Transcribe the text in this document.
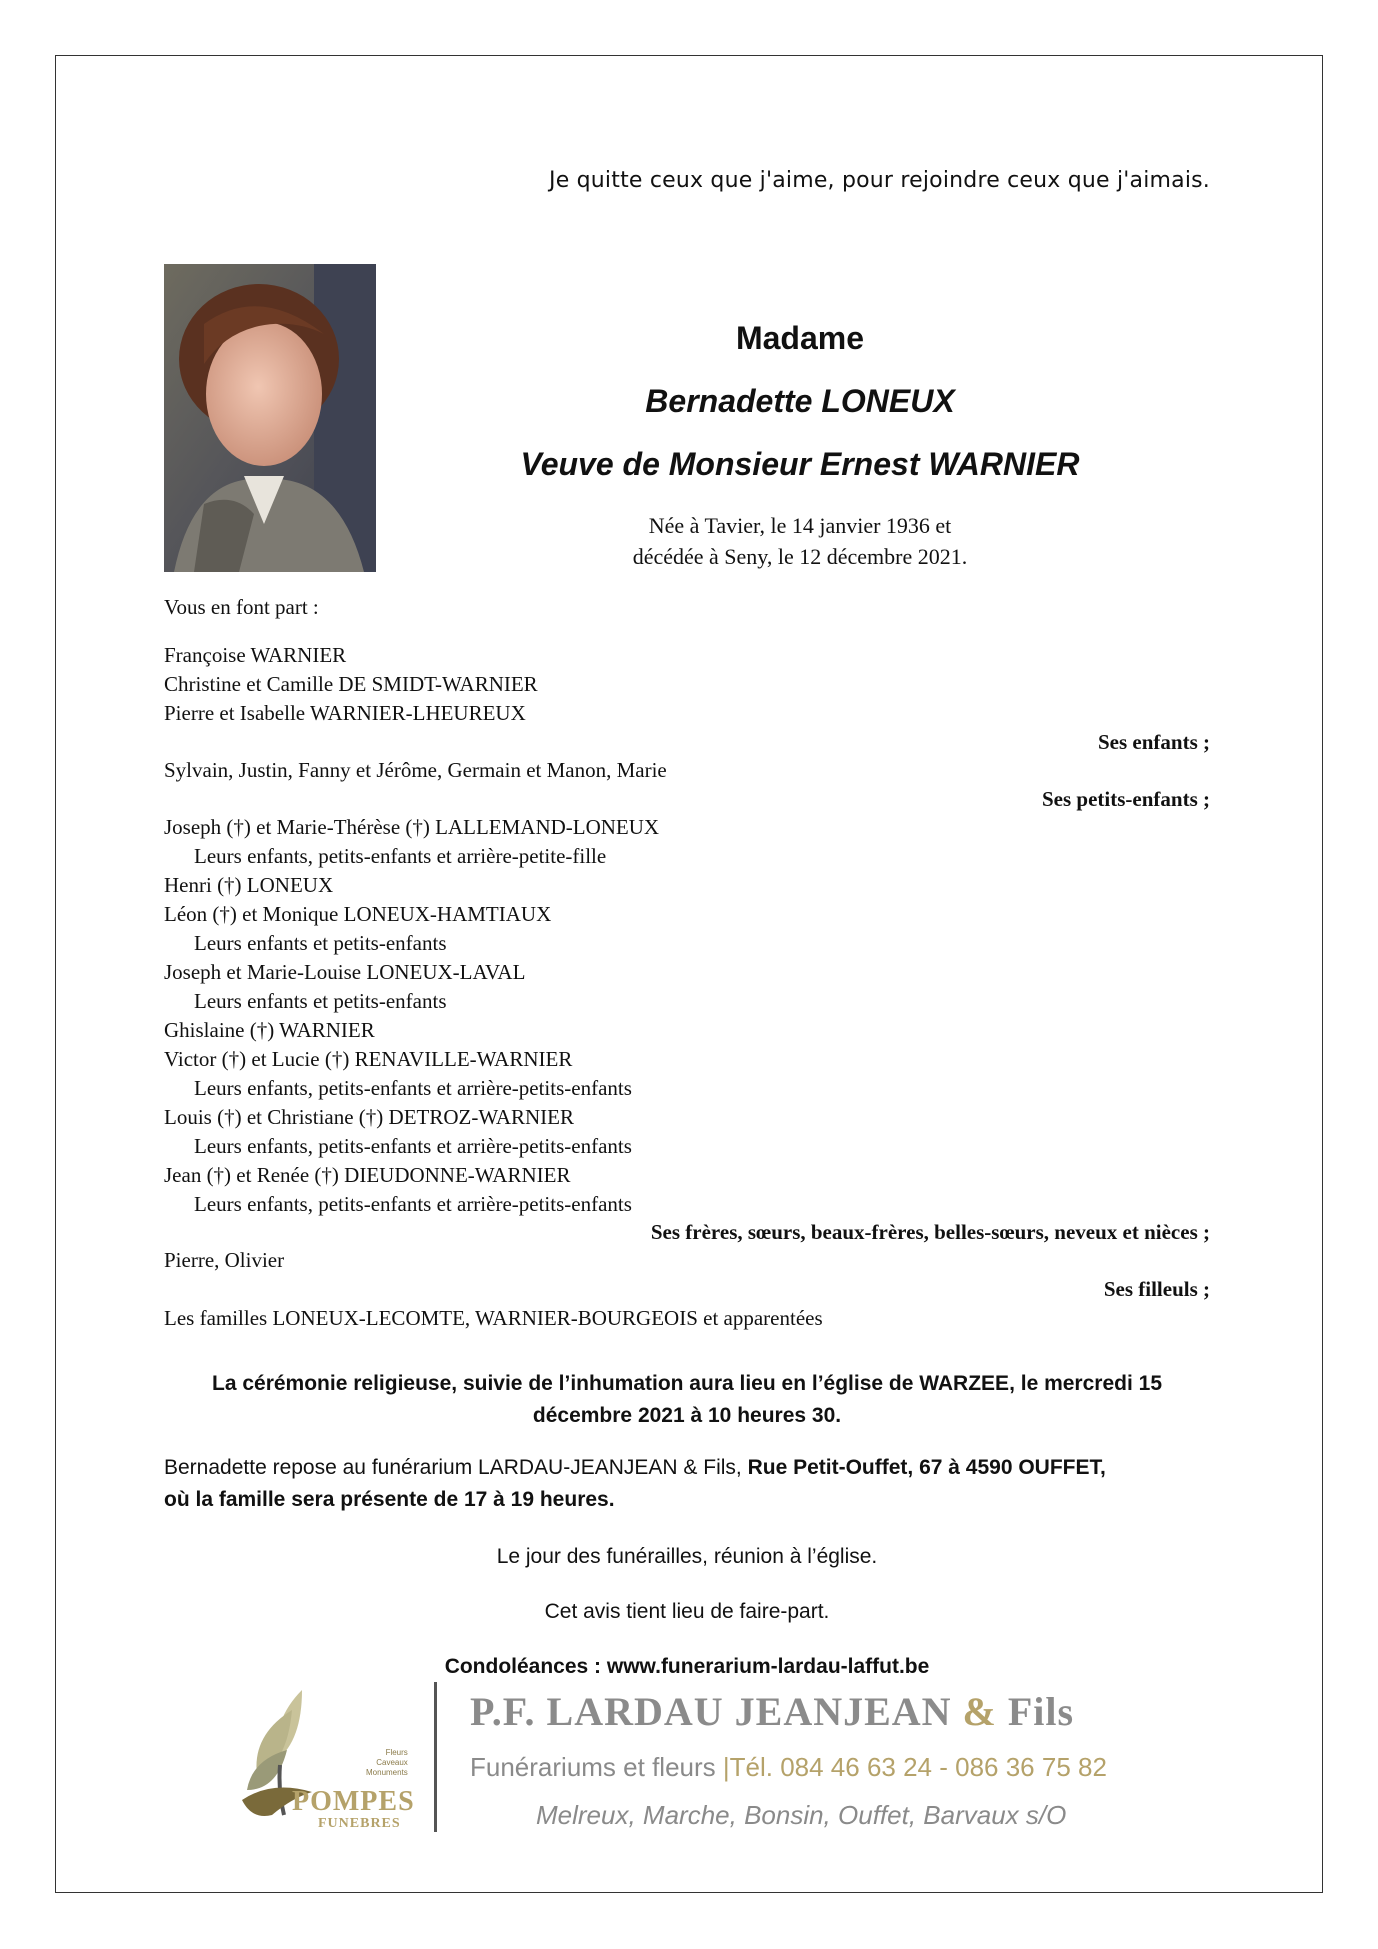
Je quitte ceux que j'aime, pour rejoindre ceux que j'aimais.
Madame
Bernadette LONEUX
Veuve de Monsieur Ernest WARNIER
Née à Tavier, le 14 janvier 1936 et
décédée à Seny, le 12 décembre 2021.
Vous en font part :
Françoise WARNIER
Christine et Camille DE SMIDT-WARNIER
Pierre et Isabelle WARNIER-LHEUREUX
Ses enfants ;
Sylvain, Justin, Fanny et Jérôme, Germain et Manon, Marie
Ses petits-enfants ;
Joseph (†) et Marie-Thérèse (†) LALLEMAND-LONEUX
Leurs enfants, petits-enfants et arrière-petite-fille
Henri (†) LONEUX
Léon (†) et Monique LONEUX-HAMTIAUX
Leurs enfants et petits-enfants
Joseph et Marie-Louise LONEUX-LAVAL
Leurs enfants et petits-enfants
Ghislaine (†) WARNIER
Victor (†) et Lucie (†) RENAVILLE-WARNIER
Leurs enfants, petits-enfants et arrière-petits-enfants
Louis (†) et Christiane (†) DETROZ-WARNIER
Leurs enfants, petits-enfants et arrière-petits-enfants
Jean (†) et Renée (†) DIEUDONNE-WARNIER
Leurs enfants, petits-enfants et arrière-petits-enfants
Ses frères, sœurs, beaux-frères, belles-sœurs, neveux et nièces ;
Pierre, Olivier
Ses filleuls ;
Les familles LONEUX-LECOMTE, WARNIER-BOURGEOIS et apparentées
La cérémonie religieuse, suivie de l’inhumation aura lieu en l’église de WARZEE, le mercredi 15
décembre 2021 à 10 heures 30.
Bernadette repose au funérarium LARDAU-JEANJEAN & Fils, Rue Petit-Ouffet, 67 à 4590 OUFFET,
où la famille sera présente de 17 à 19 heures.
Le jour des funérailles, réunion à l’église.
Cet avis tient lieu de faire-part.
Condoléances : www.funerarium-lardau-laffut.be
Fleurs
Caveaux
Monuments
POMPES
FUNEBRES
P.F. LARDAU JEANJEAN & Fils
Funérariums et fleurs |Tél. 084 46 63 24 - 086 36 75 82
Melreux, Marche, Bonsin, Ouffet, Barvaux s/O
